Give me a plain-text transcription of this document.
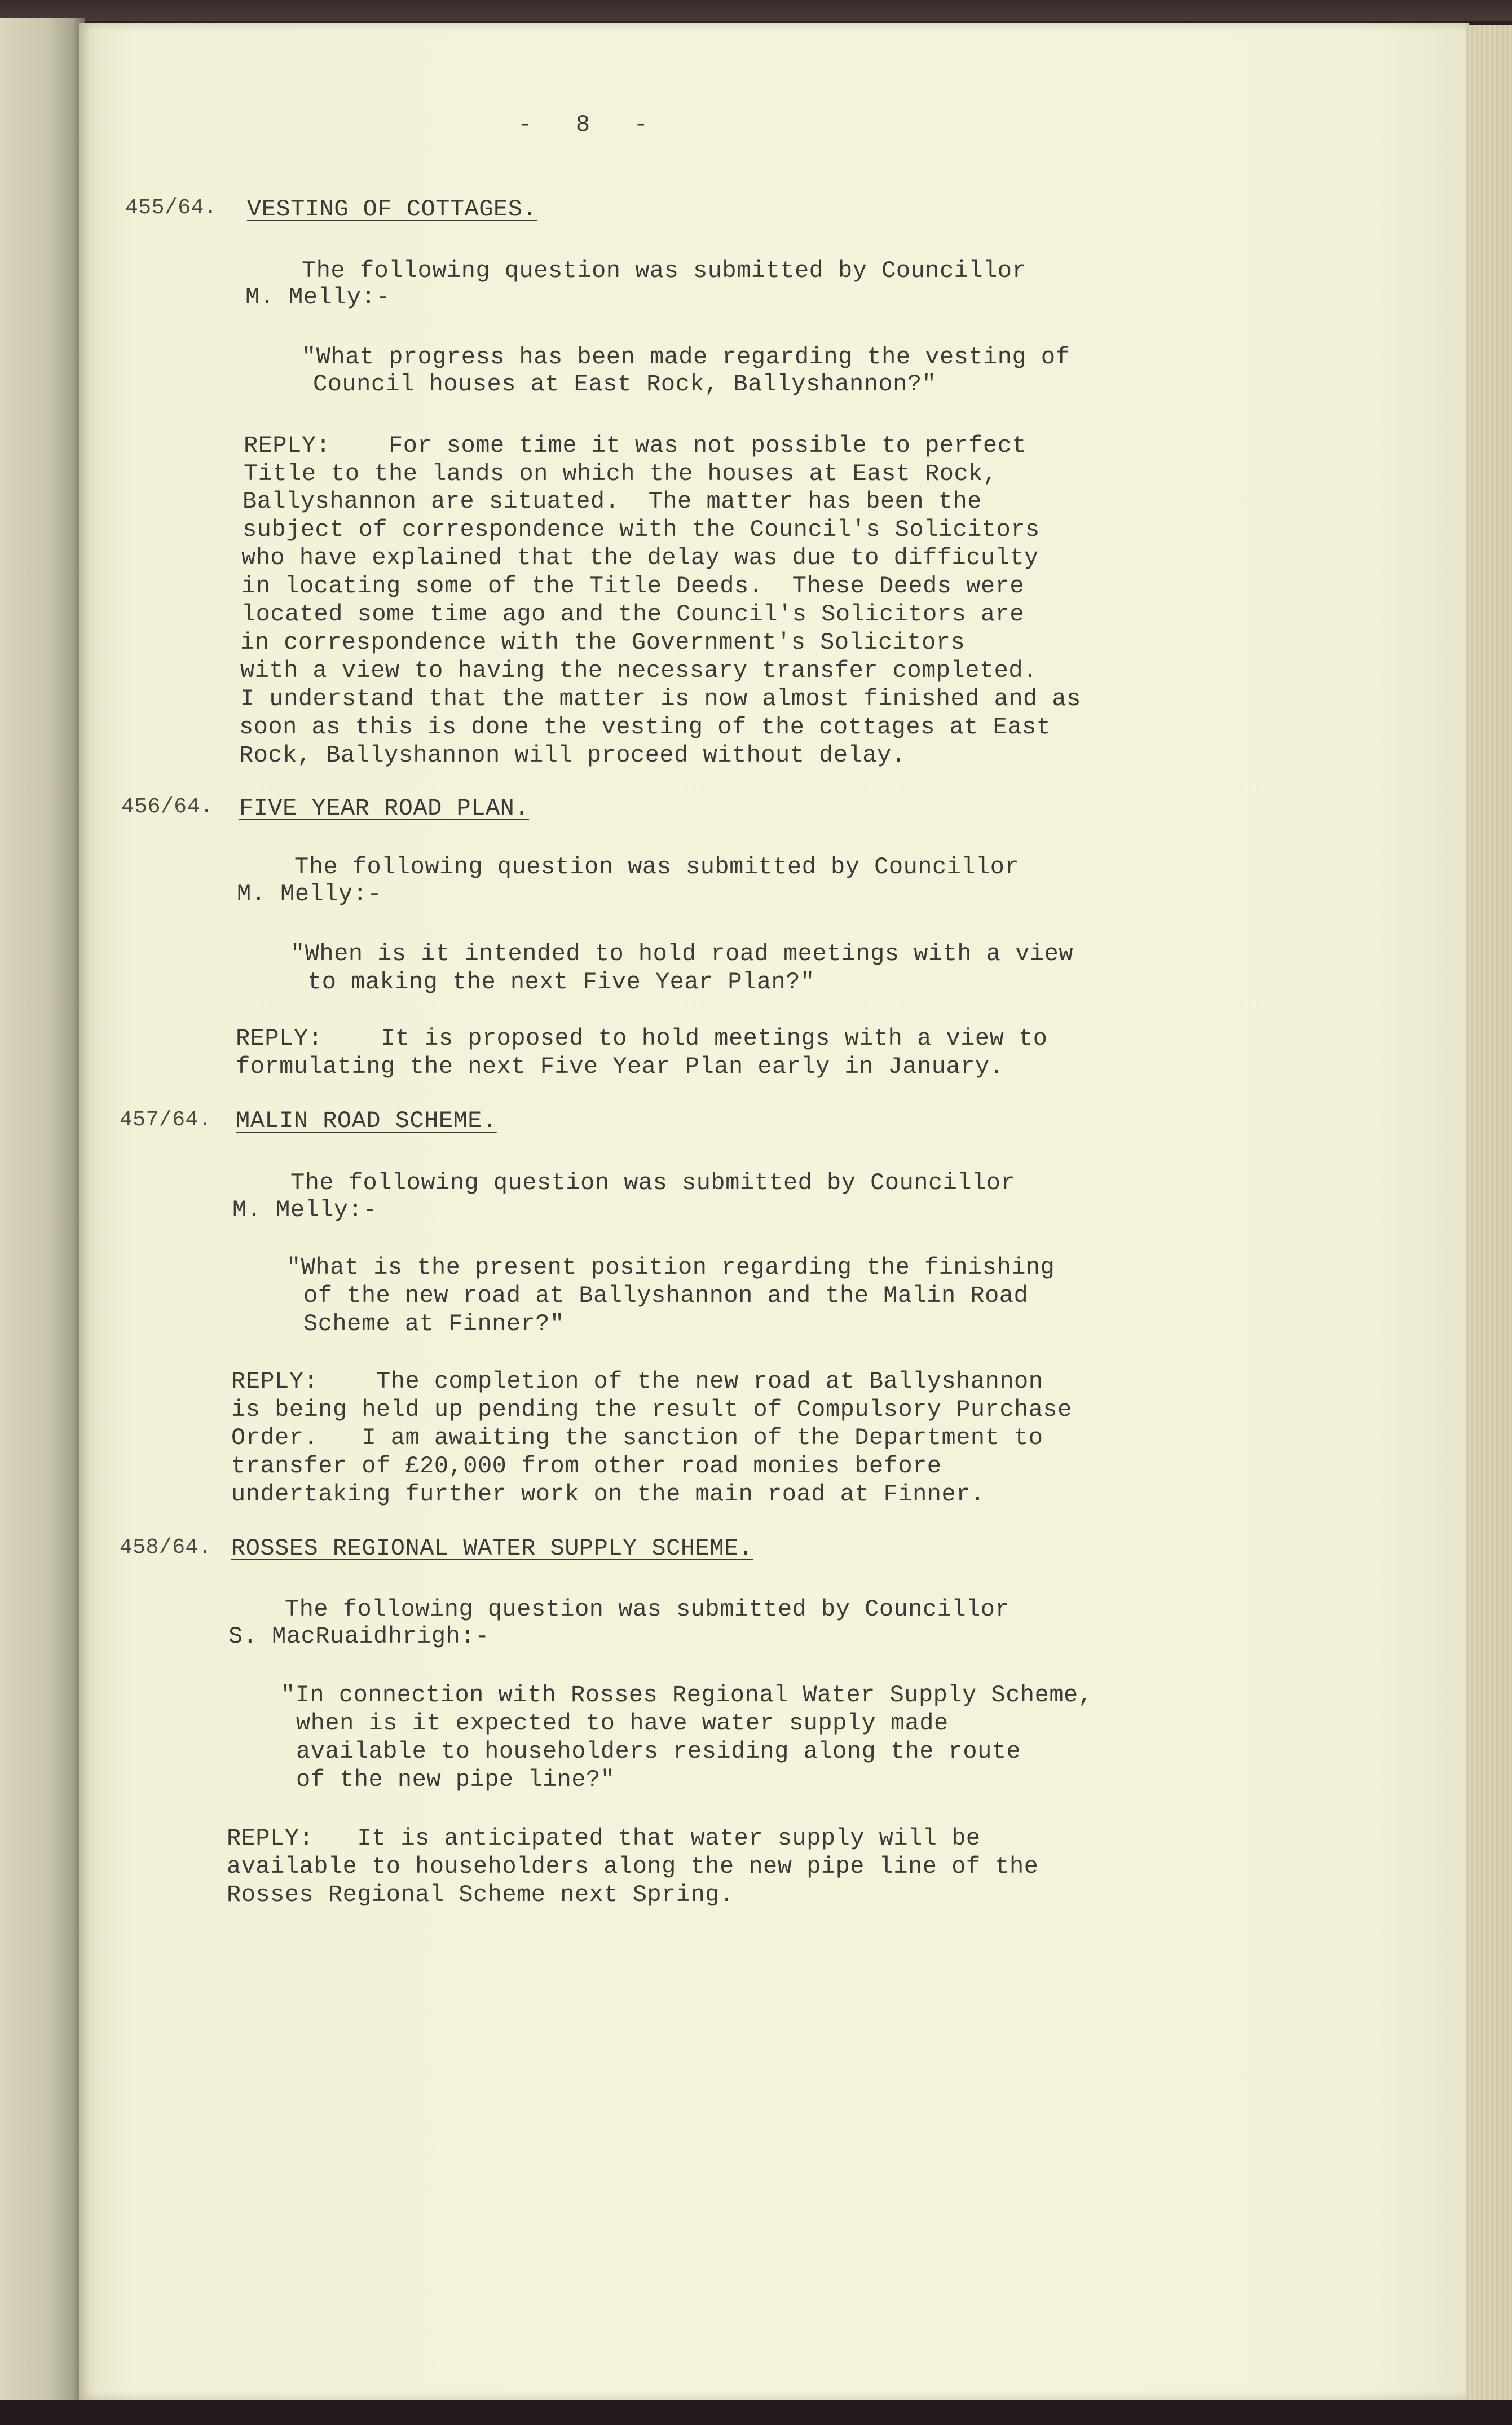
-   8   -
455/64. VESTING OF COTTAGES.
The following question was submitted by Councillor
M. Melly:-
"What progress has been made regarding the vesting of
Council houses at East Rock, Ballyshannon?"
REPLY:    For some time it was not possible to perfect
Title to the lands on which the houses at East Rock,
Ballyshannon are situated.  The matter has been the
subject of correspondence with the Council's Solicitors
who have explained that the delay was due to difficulty
in locating some of the Title Deeds.  These Deeds were
located some time ago and the Council's Solicitors are
in correspondence with the Government's Solicitors
with a view to having the necessary transfer completed.
I understand that the matter is now almost finished and as
soon as this is done the vesting of the cottages at East
Rock, Ballyshannon will proceed without delay.
456/64. FIVE YEAR ROAD PLAN.
The following question was submitted by Councillor
M. Melly:-
"When is it intended to hold road meetings with a view
to making the next Five Year Plan?"
REPLY:    It is proposed to hold meetings with a view to
formulating the next Five Year Plan early in January.
457/64. MALIN ROAD SCHEME.
The following question was submitted by Councillor
M. Melly:-
"What is the present position regarding the finishing
of the new road at Ballyshannon and the Malin Road
Scheme at Finner?"
REPLY:    The completion of the new road at Ballyshannon
is being held up pending the result of Compulsory Purchase
Order.   I am awaiting the sanction of the Department to
transfer of £20,000 from other road monies before
undertaking further work on the main road at Finner.
458/64. ROSSES REGIONAL WATER SUPPLY SCHEME.
The following question was submitted by Councillor
S. MacRuaidhrigh:-
"In connection with Rosses Regional Water Supply Scheme,
when is it expected to have water supply made
available to householders residing along the route
of the new pipe line?"
REPLY:   It is anticipated that water supply will be
available to householders along the new pipe line of the
Rosses Regional Scheme next Spring.
